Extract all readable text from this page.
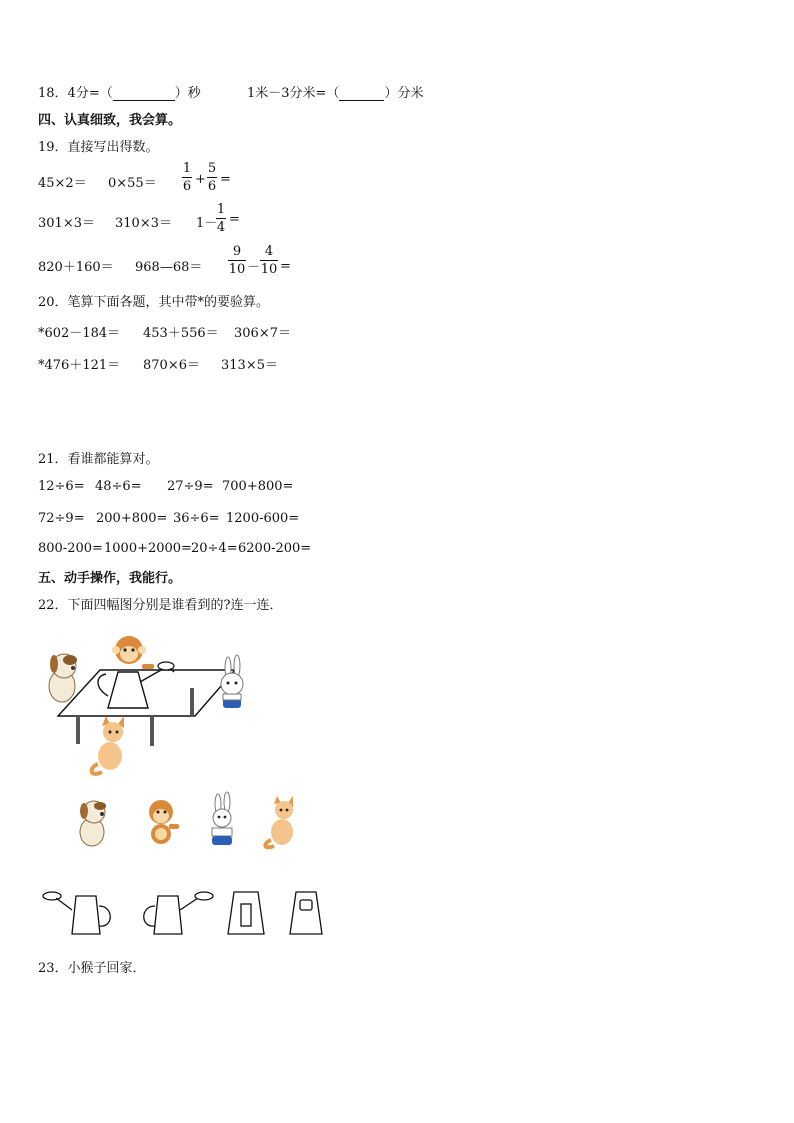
18．4分=（	）秒	1米－3分米=（	）分米
四、认真细致，我会算。
19．直接写出得数。
45×2＝ 0×55＝
1
6 +
5
6 =
301×3＝ 310×3＝ 1－
1
4
=
820＋160＝ 968—68＝
9
10 －
4
10 =
20．笔算下面各题，其中带*的要验算。
*602－184＝ 453＋556＝ 306×7＝
*476＋121＝ 870×6＝ 313×5＝
21．看谁都能算对。
12÷6= 48÷6= 27÷9= 700+800=
72÷9= 200+800= 36÷6= 1200-600=
800-200= 1000+2000= 20÷4= 6200-200=
五、动手操作，我能行。
22．下面四幅图分别是谁看到的?连一连．
23．小猴子回家．
